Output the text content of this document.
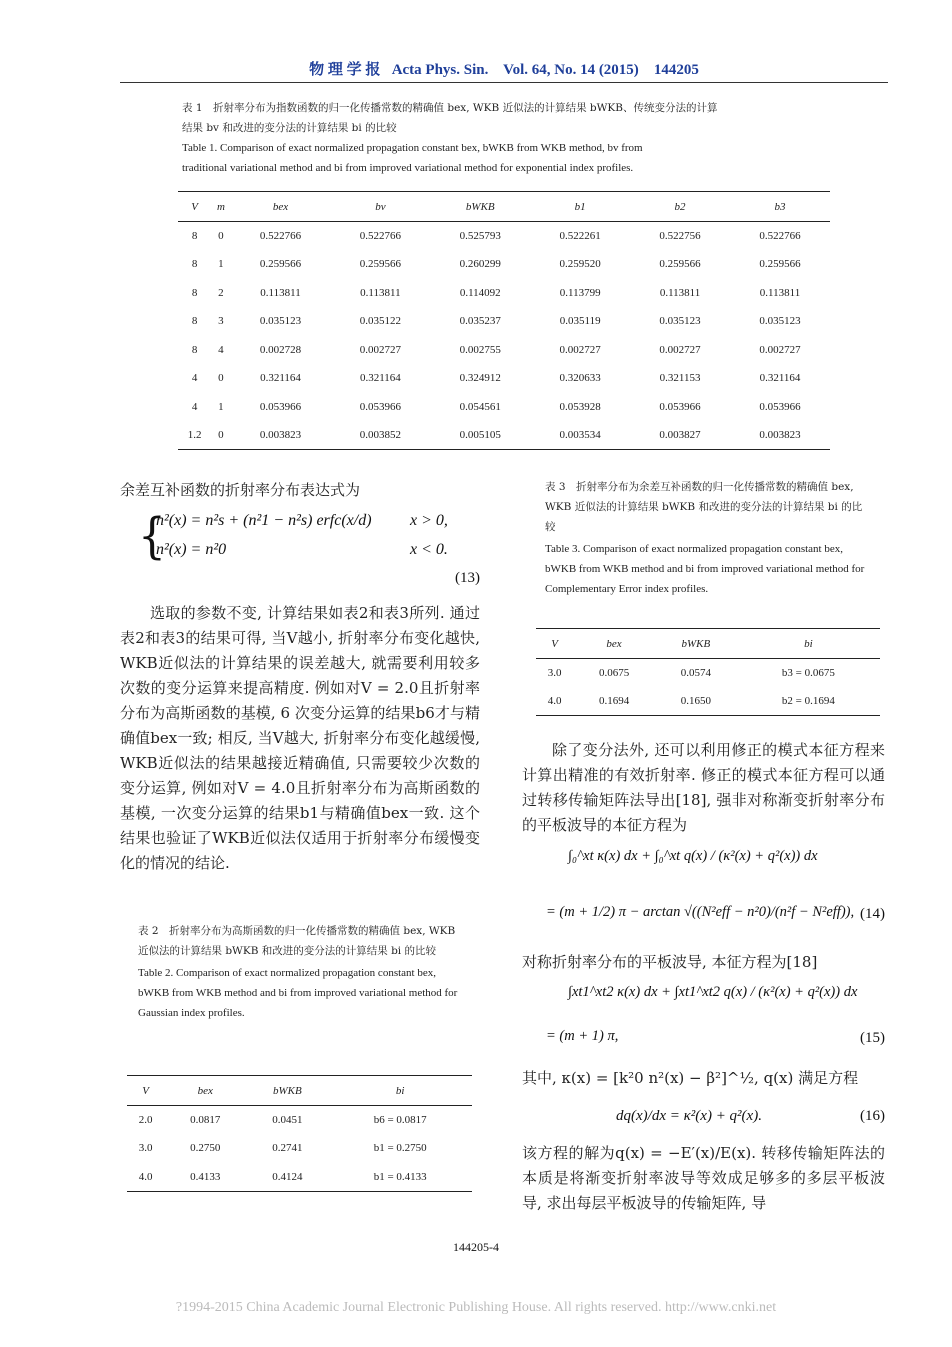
物 理 学 报 Acta Phys. Sin. Vol. 64, No. 14 (2015) 144205
表 1　折射率分布为指数函数的归一化传播常数的精确值 bex, WKB 近似法的计算结果 bWKB、传统变分法的计算
结果 bv 和改进的变分法的计算结果 bi 的比较
Table 1. Comparison of exact normalized propagation constant bex, bWKB from WKB method, bv from
traditional variational method and bi from improved variational method for exponential index profiles.
V	m	bex	bv	bWKB	b1	b2	b3
8	0	0.522766	0.522766	0.525793	0.522261	0.522756	0.522766
8	1	0.259566	0.259566	0.260299	0.259520	0.259566	0.259566
8	2	0.113811	0.113811	0.114092	0.113799	0.113811	0.113811
8	3	0.035123	0.035122	0.035237	0.035119	0.035123	0.035123
8	4	0.002728	0.002727	0.002755	0.002727	0.002727	0.002727
4	0	0.321164	0.321164	0.324912	0.320633	0.321153	0.321164
4	1	0.053966	0.053966	0.054561	0.053928	0.053966	0.053966
1.2	0	0.003823	0.003852	0.005105	0.003534	0.003827	0.003823
余差互补函数的折射率分布表达式为
{
n²(x) = n²s + (n²1 − n²s) erfc(x/d) x > 0,
n²(x) = n²0	x < 0.
(13)
选取的参数不变, 计算结果如表2和表3所列. 通过表2和表3的结果可得, 当V越小, 折射率分布变化越快, WKB近似法的计算结果的误差越大, 就需要利用较多次数的变分运算来提高精度. 例如对V = 2.0且折射率分布为高斯函数的基模, 6 次变分运算的结果b6才与精确值bex一致; 相反, 当V越大, 折射率分布变化越缓慢, WKB近似法的结果越接近精确值, 只需要较少次数的变分运算, 例如对V = 4.0且折射率分布为高斯函数的基模, 一次变分运算的结果b1与精确值bex一致. 这个结果也验证了WKB近似法仅适用于折射率分布缓慢变化的情况的结论.
表 2　折射率分布为高斯函数的归一化传播常数的精确值 bex, WKB 近似法的计算结果 bWKB 和改进的变分法的计算结果 bi 的比较
Table 2. Comparison of exact normalized propagation constant bex, bWKB from WKB method and bi from improved variational method for Gaussian index profiles.
V	bex	bWKB	bi
2.0	0.0817	0.0451	b6 = 0.0817
3.0	0.2750	0.2741	b1 = 0.2750
4.0	0.4133	0.4124	b1 = 0.4133
表 3　折射率分布为余差互补函数的归一化传播常数的精确值 bex, WKB 近似法的计算结果 bWKB 和改进的变分法的计算结果 bi 的比较
Table 3. Comparison of exact normalized propagation constant bex, bWKB from WKB method and bi from improved variational method for Complementary Error index profiles.
V	bex	bWKB	bi
3.0	0.0675	0.0574	b3 = 0.0675
4.0	0.1694	0.1650	b2 = 0.1694
除了变分法外, 还可以利用修正的模式本征方程来计算出精准的有效折射率. 修正的模式本征方程可以通过转移传输矩阵法导出[18], 强非对称渐变折射率分布的平板波导的本征方程为
∫₀^xt κ(x) dx + ∫₀^xt q(x) / (κ²(x) + q²(x)) dx
= (m + 1/2) π − arctan √((N²eff − n²0)/(n²f − N²eff)), (14)
对称折射率分布的平板波导, 本征方程为[18]
∫xt1^xt2 κ(x) dx + ∫xt1^xt2 q(x) / (κ²(x) + q²(x)) dx
= (m + 1) π,	(15)
其中, κ(x) = [k²0 n²(x) − β²]^½, q(x) 满足方程
dq(x)/dx = κ²(x) + q²(x).	(16)
该方程的解为q(x) = −E′(x)/E(x). 转移传输矩阵法的本质是将渐变折射率波导等效成足够多的多层平板波导, 求出每层平板波导的传输矩阵, 导
144205-4
?1994-2015 China Academic Journal Electronic Publishing House. All rights reserved. http://www.cnki.net
